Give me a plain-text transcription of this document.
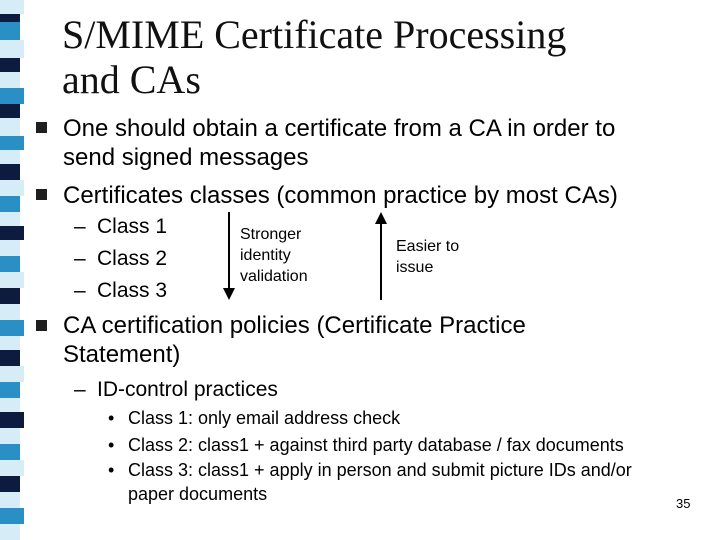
S/MIME Certificate Processing
and CAs
One should obtain a certificate from a CA in order to
send signed messages
Certificates classes (common practice by most CAs)
– Class 1
– Class 2
– Class 3
Stronger
identity
validation
Easier to
issue
CA certification policies (Certificate Practice
Statement)
– ID-control practices
• Class 1: only email address check
• Class 2: class1 + against third party database / fax documents
• Class 3: class1 + apply in person and submit picture IDs and/or
paper documents	35
